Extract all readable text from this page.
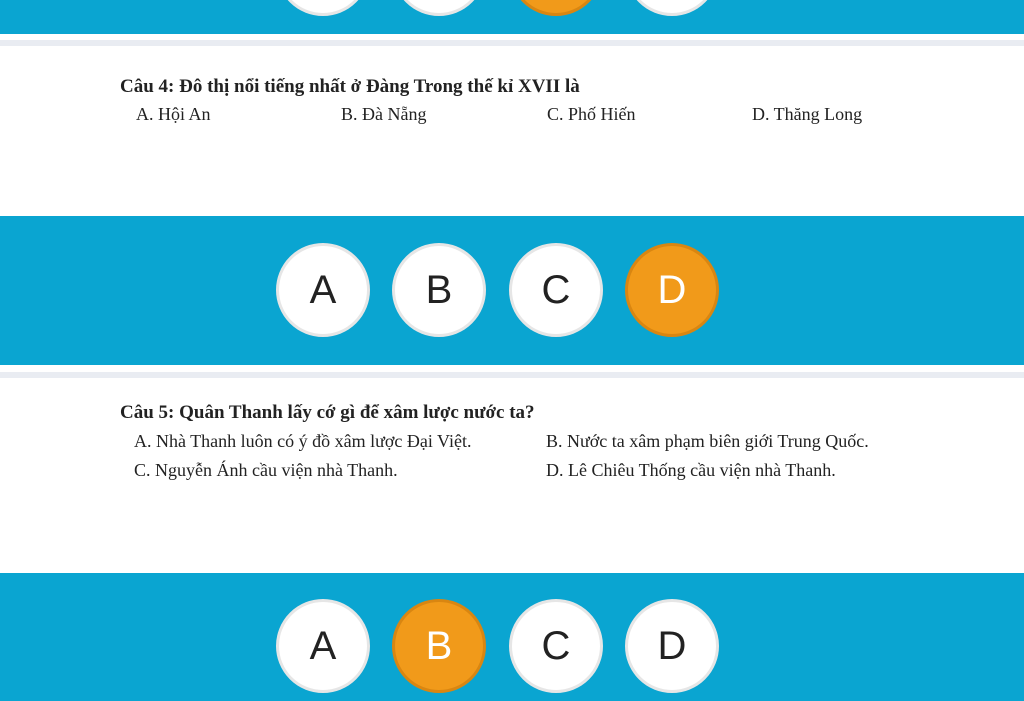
Câu 4: Đô thị nổi tiếng nhất ở Đàng Trong thế kỉ XVII là
A. Hội An	B. Đà Nẵng	C. Phố Hiến	D. Thăng Long
A	B	C	D
Câu 5: Quân Thanh lấy cớ gì để xâm lược nước ta?
A. Nhà Thanh luôn có ý đồ xâm lược Đại Việt.	B. Nước ta xâm phạm biên giới Trung Quốc.
C. Nguyễn Ánh cầu viện nhà Thanh.	D. Lê Chiêu Thống cầu viện nhà Thanh.
A	B	C	D
